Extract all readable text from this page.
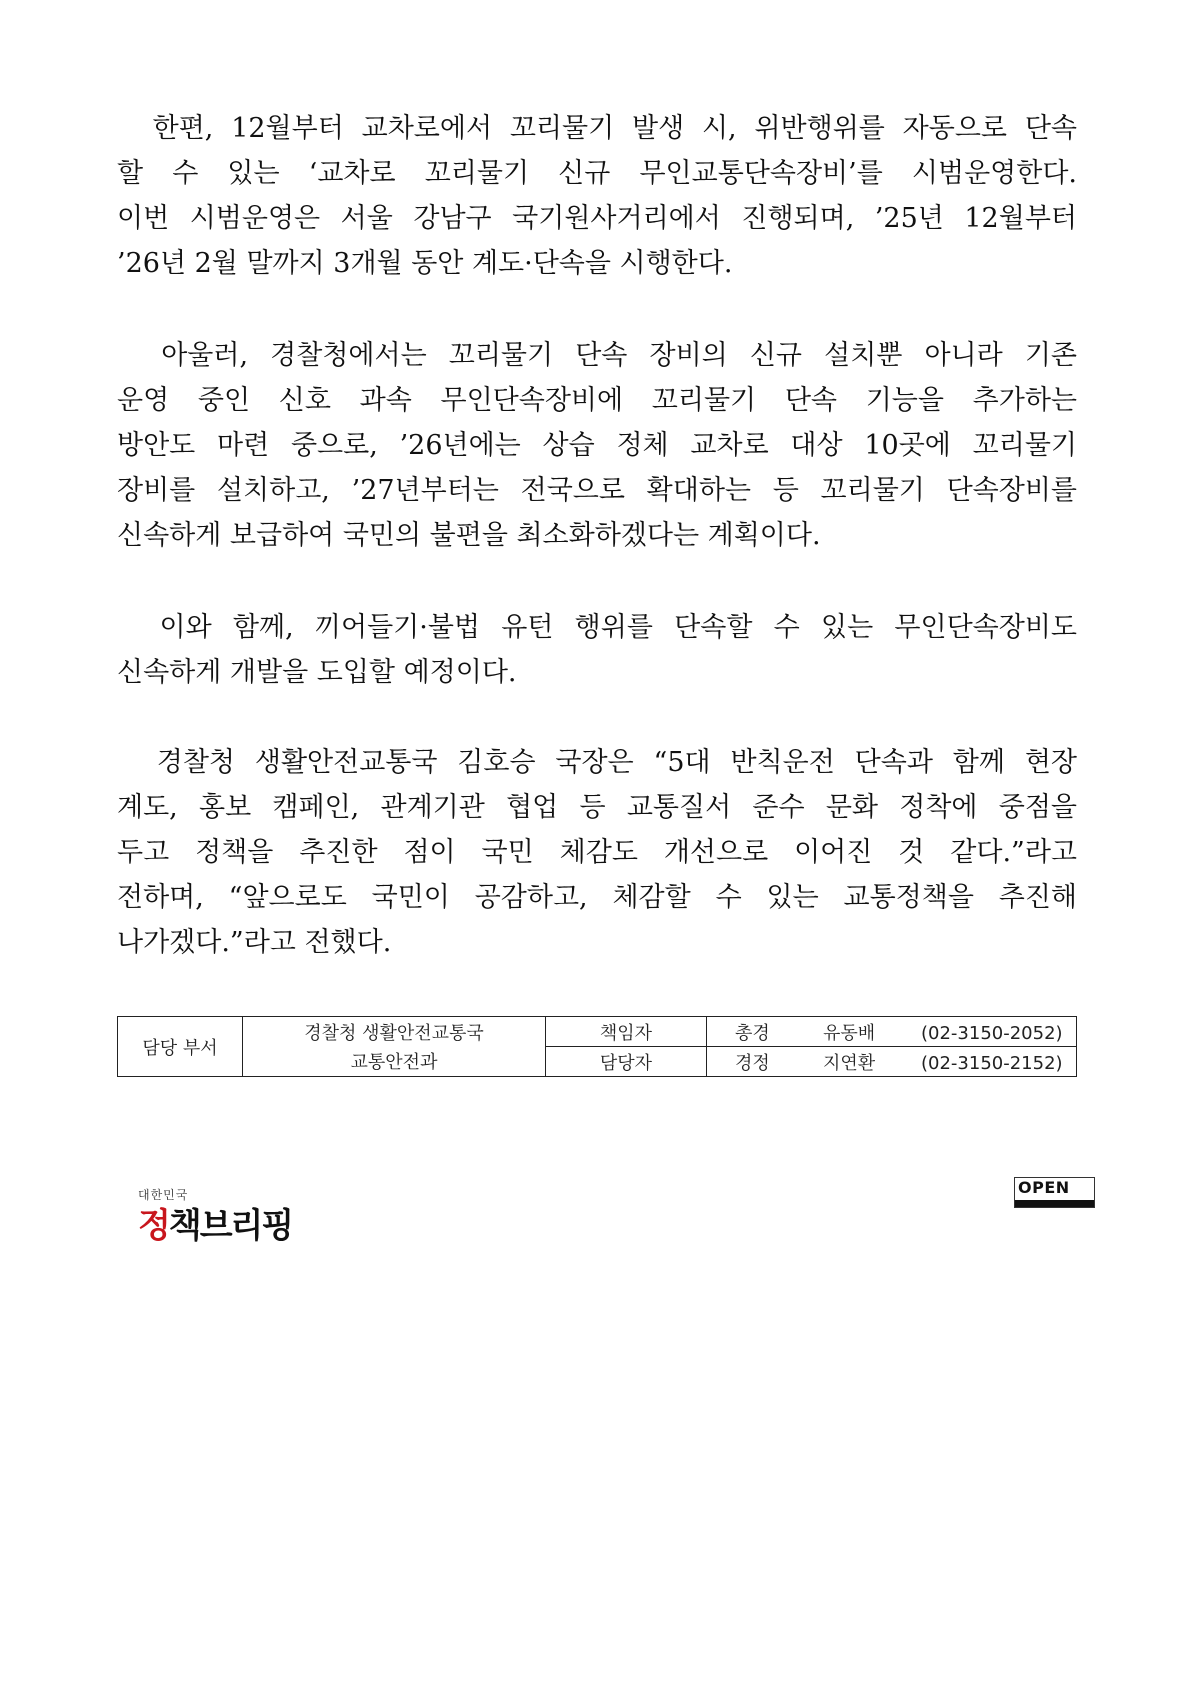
한편, 12월부터 교차로에서 꼬리물기 발생 시, 위반행위를 자동으로 단속
할 수 있는 ‘교차로 꼬리물기 신규 무인교통단속장비’를 시범운영한다.
이번 시범운영은 서울 강남구 국기원사거리에서 진행되며, ’25년 12월부터
’26년 2월 말까지 3개월 동안 계도·단속을 시행한다.

아울러, 경찰청에서는 꼬리물기 단속 장비의 신규 설치뿐 아니라 기존
운영 중인 신호 과속 무인단속장비에 꼬리물기 단속 기능을 추가하는
방안도 마련 중으로, ’26년에는 상습 정체 교차로 대상 10곳에 꼬리물기
장비를 설치하고, ’27년부터는 전국으로 확대하는 등 꼬리물기 단속장비를
신속하게 보급하여 국민의 불편을 최소화하겠다는 계획이다.

이와 함께, 끼어들기·불법 유턴 행위를 단속할 수 있는 무인단속장비도
신속하게 개발을 도입할 예정이다.

경찰청 생활안전교통국 김호승 국장은 “5대 반칙운전 단속과 함께 현장
계도, 홍보 캠페인, 관계기관 협업 등 교통질서 준수 문화 정착에 중점을
두고 정책을 추진한 점이 국민 체감도 개선으로 이어진 것 같다.”라고
전하며, “앞으로도 국민이 공감하고, 체감할 수 있는 교통정책을 추진해
나가겠다.”라고 전했다.

담당 부서	경찰청 생활안전교통국	책임자	총경 유동배 (02-3150-2052)
	교통안전과	담당자	경정 지연환 (02-3150-2152)
대한민국
정책브리핑
OPEN
